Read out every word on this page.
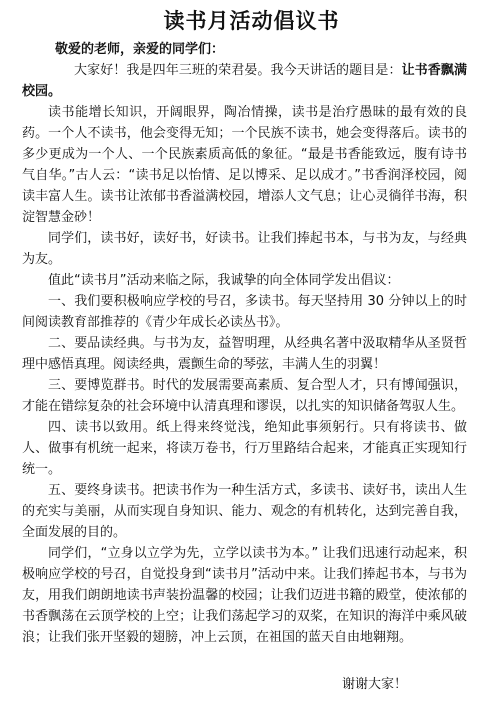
读书月活动倡议书

敬爱的老师，亲爱的同学们：

大家好！我是四年三班的荣君晏。我今天讲话的题目是：让书香飘满校园。

读书能增长知识，开阔眼界，陶冶情操，读书是治疗愚昧的最有效的良药。一个人不读书，他会变得无知；一个民族不读书，她会变得落后。读书的多少更成为一个人、一个民族素质高低的象征。“最是书香能致远，腹有诗书气自华。”古人云：“读书足以怡情、足以博采、足以成才。”书香润泽校园，阅读丰富人生。读书让浓郁书香溢满校园，增添人文气息；让心灵徜徉书海，积淀智慧金砂！

同学们，读书好，读好书，好读书。让我们捧起书本，与书为友，与经典为友。

值此“读书月”活动来临之际，我诚挚的向全体同学发出倡议：

一、我们要积极响应学校的号召，多读书。每天坚持用 30 分钟以上的时间阅读教育部推荐的《青少年成长必读丛书》。

二、要品读经典。与书为友，益智明理，从经典名著中汲取精华从圣贤哲理中感悟真理。阅读经典，震颤生命的琴弦，丰满人生的羽翼！

三、要博览群书。时代的发展需要高素质、复合型人才，只有博闻强识，才能在错综复杂的社会环境中认清真理和谬误，以扎实的知识储备驾驭人生。

四、读书以致用。纸上得来终觉浅，绝知此事须躬行。只有将读书、做人、做事有机统一起来，将读万卷书，行万里路结合起来，才能真正实现知行统一。

五、要终身读书。把读书作为一种生活方式，多读书、读好书，读出人生的充实与美丽，从而实现自身知识、能力、观念的有机转化，达到完善自我，全面发展的目的。

同学们，“立身以立学为先，立学以读书为本。” 让我们迅速行动起来，积极响应学校的号召，自觉投身到“读书月”活动中来。让我们捧起书本，与书为友，用我们朗朗地读书声装扮温馨的校园；让我们迈进书籍的殿堂，使浓郁的书香飘荡在云顶学校的上空；让我们荡起学习的双桨，在知识的海洋中乘风破浪；让我们张开坚毅的翅膀，冲上云顶，在祖国的蓝天自由地翱翔。

谢谢大家！
